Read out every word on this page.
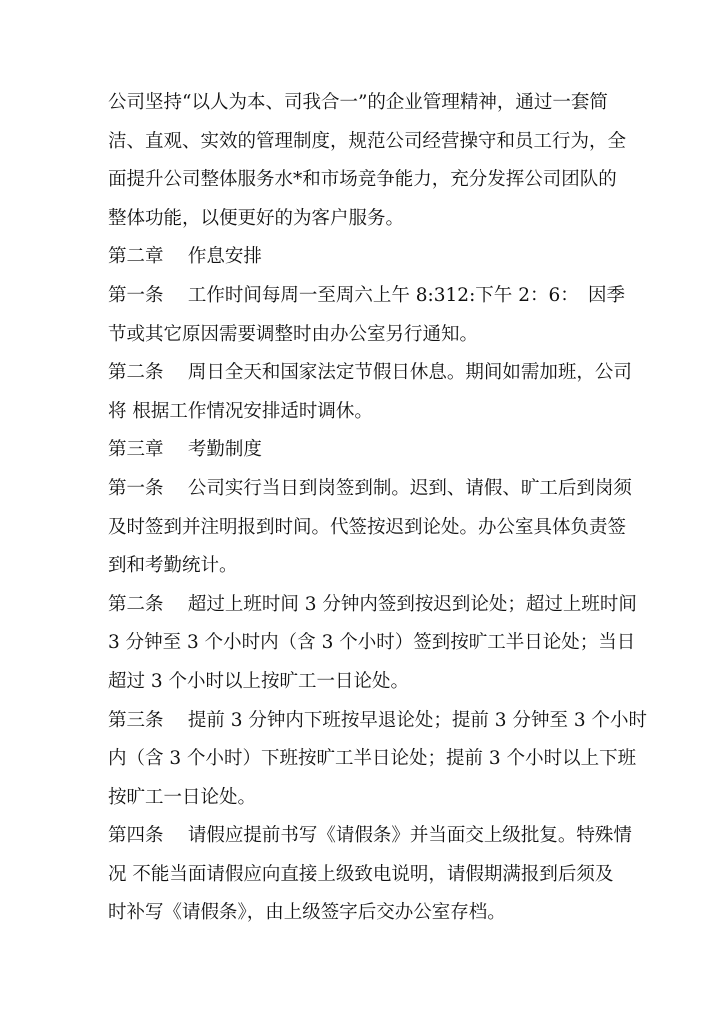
公司坚持“以人为本、司我合一”的企业管理精神，通过一套简
洁、直观、实效的管理制度，规范公司经营操守和员工行为，全
面提升公司整体服务水*和市场竞争能力，充分发挥公司团队的
整体功能，以便更好的为客户服务。
第二章　 作息安排
第一条　 工作时间每周一至周六上午 8:312:下午 2：6：　因季
节或其它原因需要调整时由办公室另行通知。
第二条　 周日全天和国家法定节假日休息。期间如需加班，公司
将 根据工作情况安排适时调休。
第三章　 考勤制度
第一条　 公司实行当日到岗签到制。迟到、请假、旷工后到岗须
及时签到并注明报到时间。代签按迟到论处。办公室具体负责签
到和考勤统计。
第二条　 超过上班时间 3 分钟内签到按迟到论处；超过上班时间
3 分钟至 3 个小时内（含 3 个小时）签到按旷工半日论处；当日
超过 3 个小时以上按旷工一日论处。
第三条　 提前 3 分钟内下班按早退论处；提前 3 分钟至 3 个小时
内（含 3 个小时）下班按旷工半日论处；提前 3 个小时以上下班
按旷工一日论处。
第四条　 请假应提前书写《请假条》并当面交上级批复。特殊情
况 不能当面请假应向直接上级致电说明，请假期满报到后须及
时补写《请假条》，由上级签字后交办公室存档。
